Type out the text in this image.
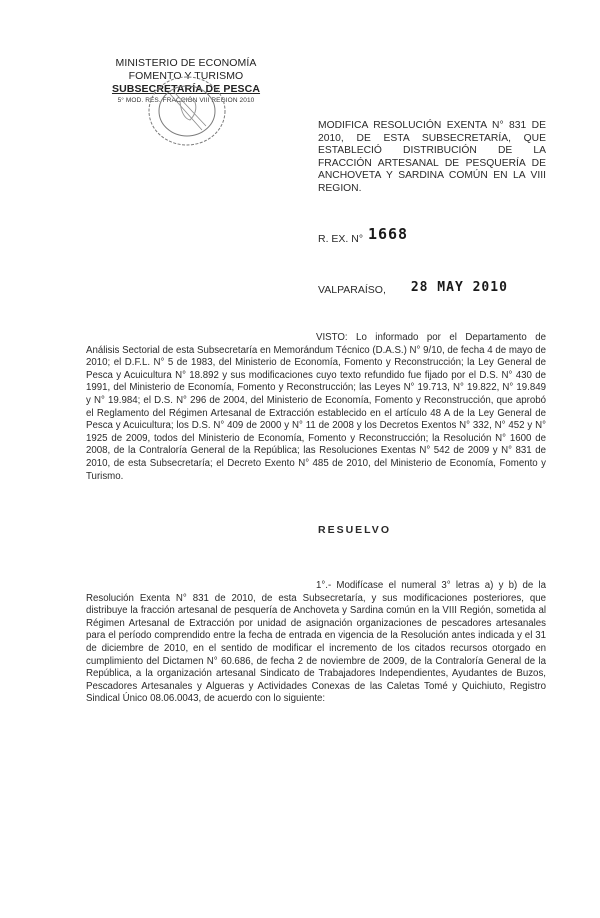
MINISTERIO DE ECONOMÍA
FOMENTO Y TURISMO
SUBSECRETARÍA DE PESCA
5° MOD. RES. FRACCIÓN VIII REGION 2010
MODIFICA RESOLUCIÓN EXENTA N° 831 DE 2010, DE ESTA SUBSECRETARÍA, QUE ESTABLECIÓ DISTRIBUCIÓN DE LA FRACCIÓN ARTESANAL DE PESQUERÍA DE ANCHOVETA Y SARDINA COMÚN EN LA VIII REGION.
R. EX. N° 1668
VALPARAÍSO, 28 MAY 2010
VISTO: Lo informado por el Departamento de Análisis Sectorial de esta Subsecretaría en Memorándum Técnico (D.A.S.) N° 9/10, de fecha 4 de mayo de 2010; el D.F.L. N° 5 de 1983, del Ministerio de Economía, Fomento y Reconstrucción; la Ley General de Pesca y Acuicultura N° 18.892 y sus modificaciones cuyo texto refundido fue fijado por el D.S. N° 430 de 1991, del Ministerio de Economía, Fomento y Reconstrucción; las Leyes N° 19.713, N° 19.822, N° 19.849 y N° 19.984; el D.S. N° 296 de 2004, del Ministerio de Economía, Fomento y Reconstrucción, que aprobó el Reglamento del Régimen Artesanal de Extracción establecido en el artículo 48 A de la Ley General de Pesca y Acuicultura; los D.S. N° 409 de 2000 y N° 11 de 2008 y los Decretos Exentos N° 332, N° 452 y N° 1925 de 2009, todos del Ministerio de Economía, Fomento y Reconstrucción; la Resolución N° 1600 de 2008, de la Contraloría General de la República; las Resoluciones Exentas N° 542 de 2009 y N° 831 de 2010, de esta Subsecretaría; el Decreto Exento N° 485 de 2010, del Ministerio de Economía, Fomento y Turismo.
RESUELVO
1°.- Modifícase el numeral 3° letras a) y b) de la Resolución Exenta N° 831 de 2010, de esta Subsecretaría, y sus modificaciones posteriores, que distribuye la fracción artesanal de pesquería de Anchoveta y Sardina común en la VIII Región, sometida al Régimen Artesanal de Extracción por unidad de asignación organizaciones de pescadores artesanales para el período comprendido entre la fecha de entrada en vigencia de la Resolución antes indicada y el 31 de diciembre de 2010, en el sentido de modificar el incremento de los citados recursos otorgado en cumplimiento del Dictamen N° 60.686, de fecha 2 de noviembre de 2009, de la Contraloría General de la República, a la organización artesanal Sindicato de Trabajadores Independientes, Ayudantes de Buzos, Pescadores Artesanales y Algueras y Actividades Conexas de las Caletas Tomé y Quichiuto, Registro Sindical Único 08.06.0043, de acuerdo con lo siguiente:
